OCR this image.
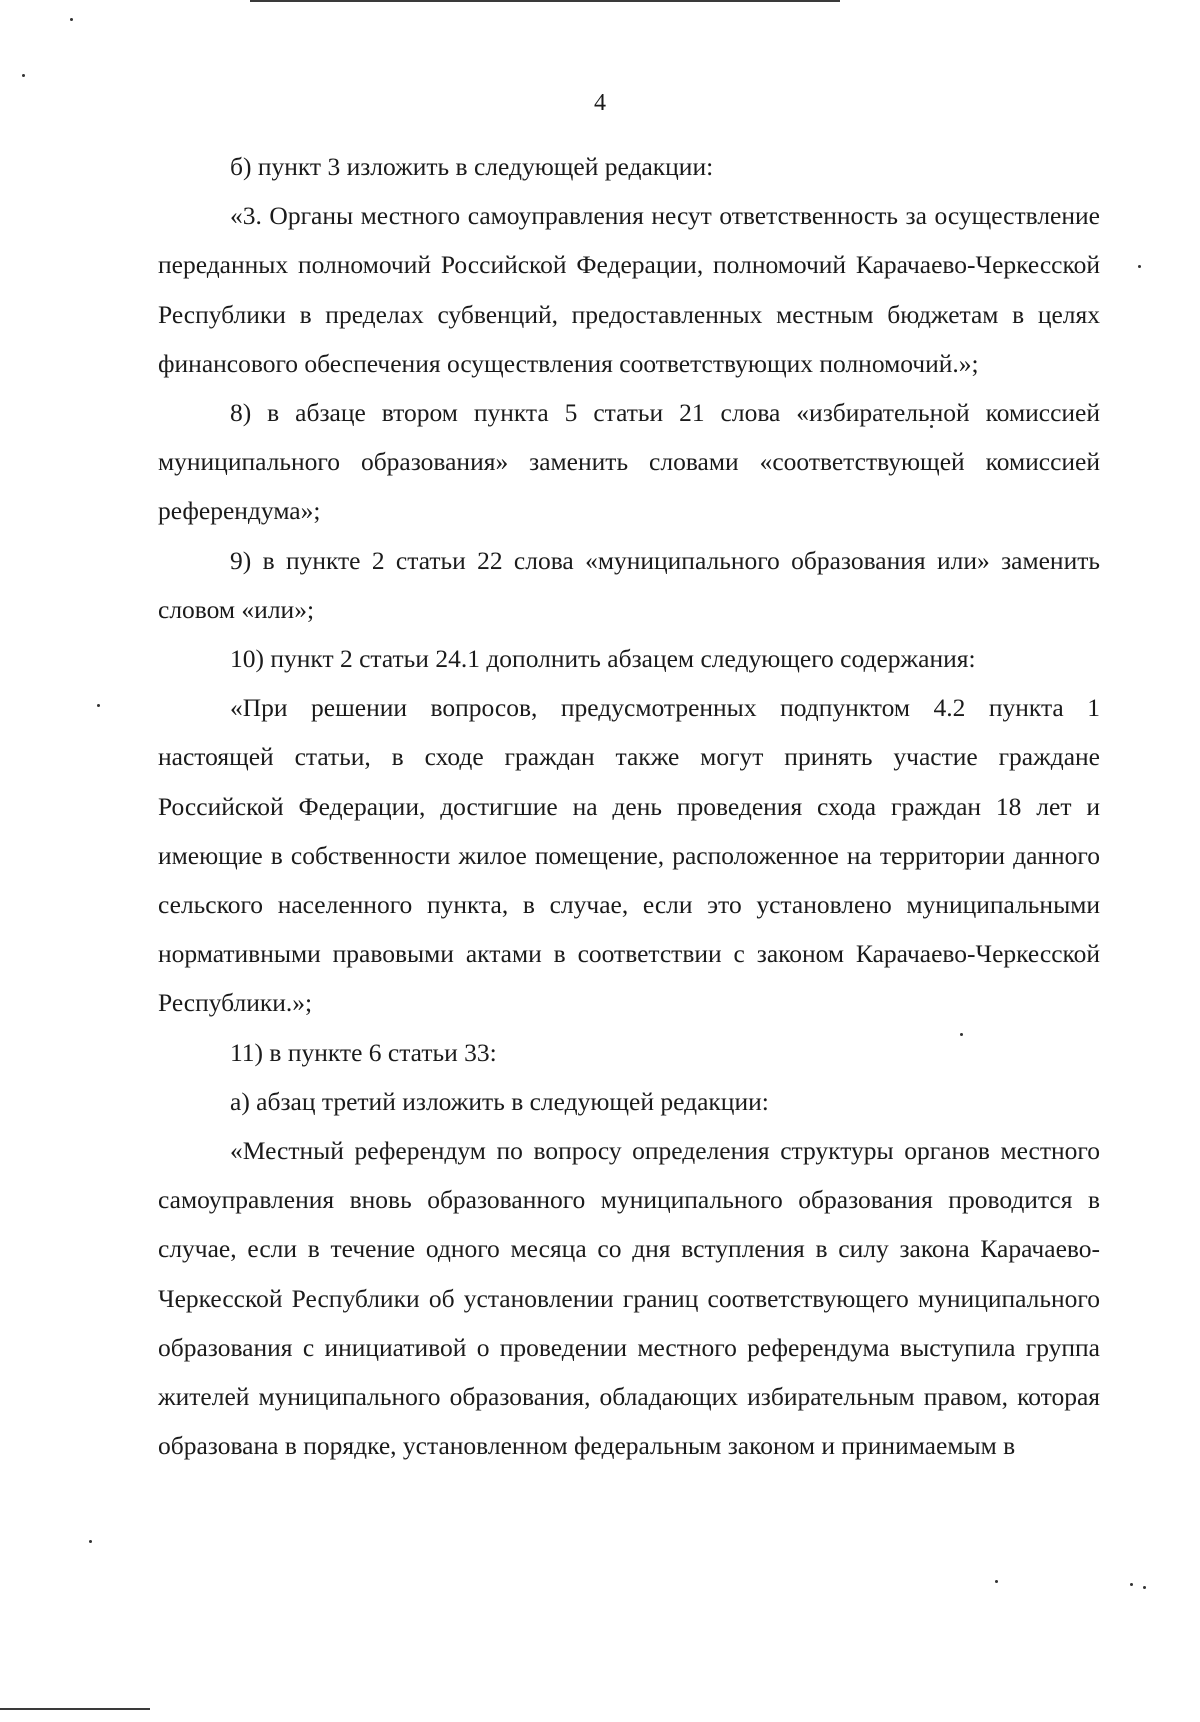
4

б) пункт 3 изложить в следующей редакции:

«3. Органы местного самоуправления несут ответственность за осуществление переданных полномочий Российской Федерации, полномочий Карачаево-Черкесской Республики в пределах субвенций, предоставленных местным бюджетам в целях финансового обеспечения осуществления соответствующих полномочий.»;

8) в абзаце втором пункта 5 статьи 21 слова «избирательной комиссией муниципального образования» заменить словами «соответствующей комиссией референдума»;

9) в пункте 2 статьи 22 слова «муниципального образования или» заменить словом «или»;

10) пункт 2 статьи 24.1 дополнить абзацем следующего содержания:

«При решении вопросов, предусмотренных подпунктом 4.2 пункта 1 настоящей статьи, в сходе граждан также могут принять участие граждане Российской Федерации, достигшие на день проведения схода граждан 18 лет и имеющие в собственности жилое помещение, расположенное на территории данного сельского населенного пункта, в случае, если это установлено муниципальными нормативными правовыми актами в соответствии с законом Карачаево-Черкесской Республики.»;

11) в пункте 6 статьи 33:

а) абзац третий изложить в следующей редакции:

«Местный референдум по вопросу определения структуры органов местного самоуправления вновь образованного муниципального образования проводится в случае, если в течение одного месяца со дня вступления в силу закона Карачаево-Черкесской Республики об установлении границ соответствующего муниципального образования с инициативой о проведении местного референдума выступила группа жителей муниципального образования, обладающих избирательным правом, которая образована в порядке, установленном федеральным законом и принимаемым в
